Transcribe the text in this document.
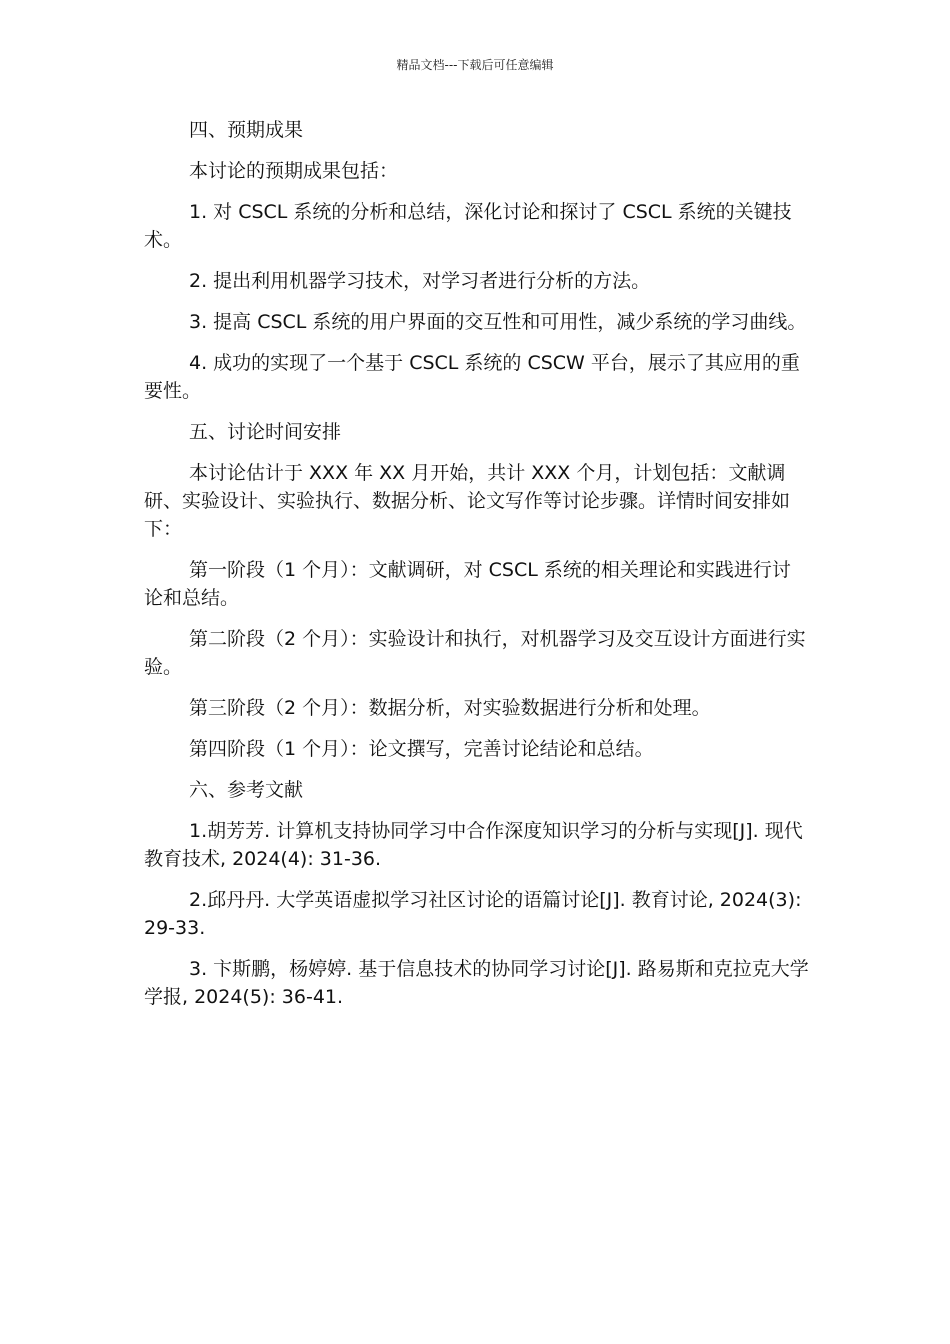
精品文档---下载后可任意编辑

四、预期成果

本讨论的预期成果包括：

1. 对 CSCL 系统的分析和总结，深化讨论和探讨了 CSCL 系统的关键技术。

2. 提出利用机器学习技术，对学习者进行分析的方法。

3. 提高 CSCL 系统的用户界面的交互性和可用性，减少系统的学习曲线。

4. 成功的实现了一个基于 CSCL 系统的 CSCW 平台，展示了其应用的重要性。

五、讨论时间安排

本讨论估计于 XXX 年 XX 月开始，共计 XXX 个月，计划包括：文献调研、实验设计、实验执行、数据分析、论文写作等讨论步骤。详情时间安排如下：

第一阶段（1 个月）：文献调研，对 CSCL 系统的相关理论和实践进行讨论和总结。

第二阶段（2 个月）：实验设计和执行，对机器学习及交互设计方面进行实验。

第三阶段（2 个月）：数据分析，对实验数据进行分析和处理。

第四阶段（1 个月）：论文撰写，完善讨论结论和总结。

六、参考文献

1.胡芳芳. 计算机支持协同学习中合作深度知识学习的分析与实现[J]. 现代教育技术, 2024(4): 31-36.

2.邱丹丹. 大学英语虚拟学习社区讨论的语篇讨论[J]. 教育讨论, 2024(3): 29-33.

3. 卞斯鹏，杨婷婷. 基于信息技术的协同学习讨论[J]. 路易斯和克拉克大学学报, 2024(5): 36-41.
